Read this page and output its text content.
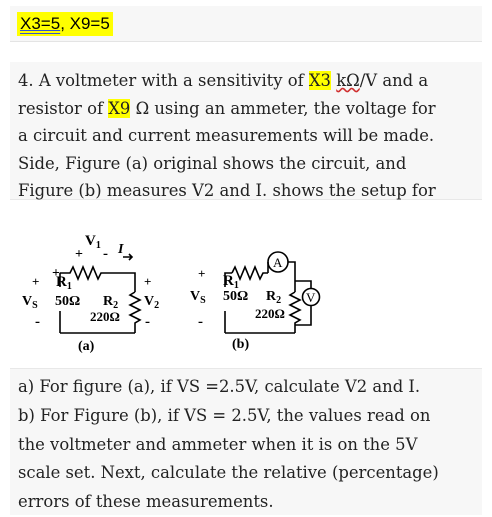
X3=5, X9=5

4. A voltmeter with a sensitivity of X3 kΩ/V and a
resistor of X9 Ω using an ammeter, the voltage for
a circuit and current measurements will be made.
Side, Figure (a) original shows the circuit, and
Figure (b) measures V2 and I. shows the setup for

+
$V_1$
+ - I
+ $R_1$	+
$V_S$ 50Ω $R_2$ $V_2$
220Ω -
-
(a)
A
V
+ $R_1$
$V_S$ 50Ω $R_2$
220Ω
-
(b)

a) For figure (a), if VS =2.5V, calculate V2 and I.
b) For Figure (b), if VS = 2.5V, the values read on
the voltmeter and ammeter when it is on the 5V
scale set. Next, calculate the relative (percentage)
errors of these measurements.
